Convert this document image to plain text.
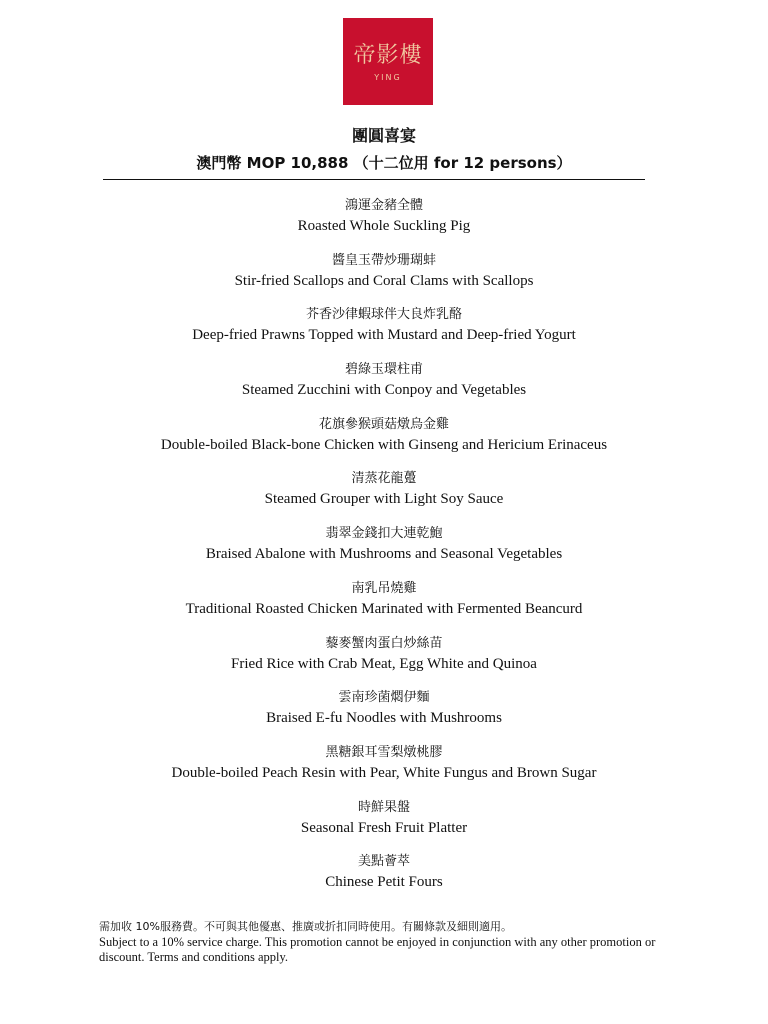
帝影樓
YING
團圓喜宴
澳門幣 MOP 10,888 （十二位用 for 12 persons）
鴻運金豬全體
Roasted Whole Suckling Pig
醬皇玉帶炒珊瑚蚌
Stir-fried Scallops and Coral Clams with Scallops
芥香沙律蝦球伴大良炸乳酪
Deep-fried Prawns Topped with Mustard and Deep-fried Yogurt
碧綠玉環柱甫
Steamed Zucchini with Conpoy and Vegetables
花旗參猴頭菇燉烏金雞
Double-boiled Black-bone Chicken with Ginseng and Hericium Erinaceus
清蒸花龍躉
Steamed Grouper with Light Soy Sauce
翡翠金錢扣大連乾鮑
Braised Abalone with Mushrooms and Seasonal Vegetables
南乳吊燒雞
Traditional Roasted Chicken Marinated with Fermented Beancurd
藜麥蟹肉蛋白炒絲苗
Fried Rice with Crab Meat, Egg White and Quinoa
雲南珍菌燜伊麵
Braised E-fu Noodles with Mushrooms
黑糖銀耳雪梨燉桃膠
Double-boiled Peach Resin with Pear, White Fungus and Brown Sugar
時鮮果盤
Seasonal Fresh Fruit Platter
美點薈萃
Chinese Petit Fours
需加收 10%服務費。不可與其他優惠、推廣或折扣同時使用。有關條款及細則適用。
Subject to a 10% service charge. This promotion cannot be enjoyed in conjunction with any other promotion or discount. Terms and conditions apply.
